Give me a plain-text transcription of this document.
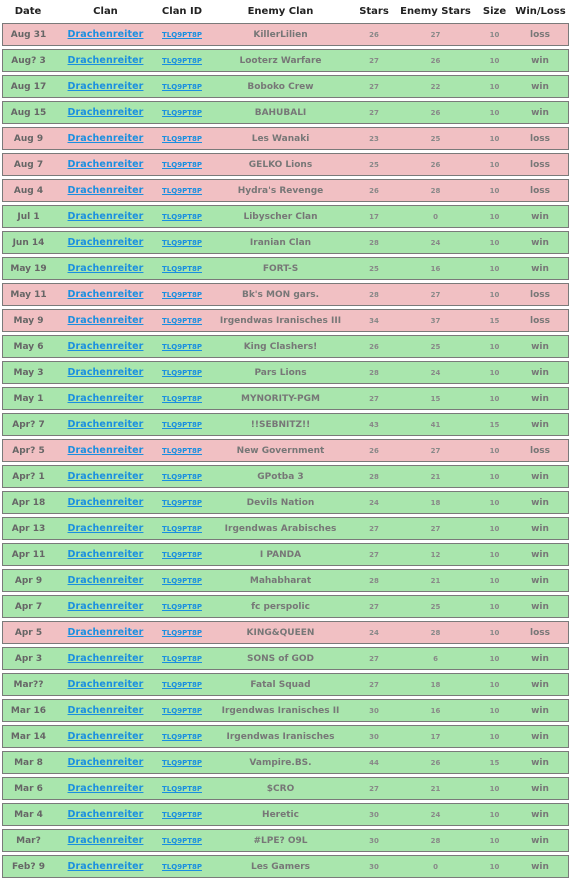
Date	Clan	Clan ID	Enemy Clan	Stars	Enemy Stars	Size	Win/Loss
Aug 31	Drachenreiter	TLQ9PT8P	KillerLilien	26	27	10	loss
Aug? 3	Drachenreiter	TLQ9PT8P	Looterz Warfare	27	26	10	win
Aug 17	Drachenreiter	TLQ9PT8P	Boboko Crew	27	22	10	win
Aug 15	Drachenreiter	TLQ9PT8P	BAHUBALI	27	26	10	win
Aug 9	Drachenreiter	TLQ9PT8P	Les Wanaki	23	25	10	loss
Aug 7	Drachenreiter	TLQ9PT8P	GELKO Lions	25	26	10	loss
Aug 4	Drachenreiter	TLQ9PT8P	Hydra's Revenge	26	28	10	loss
Jul 1	Drachenreiter	TLQ9PT8P	Libyscher Clan	17	0	10	win
Jun 14	Drachenreiter	TLQ9PT8P	Iranian Clan	28	24	10	win
May 19	Drachenreiter	TLQ9PT8P	FORT-S	25	16	10	win
May 11	Drachenreiter	TLQ9PT8P	Bk's MON gars.	28	27	10	loss
May 9	Drachenreiter	TLQ9PT8P	Irgendwas Iranisches III	34	37	15	loss
May 6	Drachenreiter	TLQ9PT8P	King Clashers!	26	25	10	win
May 3	Drachenreiter	TLQ9PT8P	Pars Lions	28	24	10	win
May 1	Drachenreiter	TLQ9PT8P	MYNORITY-PGM	27	15	10	win
Apr? 7	Drachenreiter	TLQ9PT8P	!!SEBNITZ!!	43	41	15	win
Apr? 5	Drachenreiter	TLQ9PT8P	New Government	26	27	10	loss
Apr? 1	Drachenreiter	TLQ9PT8P	GPotba 3	28	21	10	win
Apr 18	Drachenreiter	TLQ9PT8P	Devils Nation	24	18	10	win
Apr 13	Drachenreiter	TLQ9PT8P	Irgendwas Arabisches	27	27	10	win
Apr 11	Drachenreiter	TLQ9PT8P	I PANDA	27	12	10	win
Apr 9	Drachenreiter	TLQ9PT8P	Mahabharat	28	21	10	win
Apr 7	Drachenreiter	TLQ9PT8P	fc perspolic	27	25	10	win
Apr 5	Drachenreiter	TLQ9PT8P	KING&QUEEN	24	28	10	loss
Apr 3	Drachenreiter	TLQ9PT8P	SONS of GOD	27	6	10	win
Mar??	Drachenreiter	TLQ9PT8P	Fatal Squad	27	18	10	win
Mar 16	Drachenreiter	TLQ9PT8P	Irgendwas Iranisches II	30	16	10	win
Mar 14	Drachenreiter	TLQ9PT8P	Irgendwas Iranisches	30	17	10	win
Mar 8	Drachenreiter	TLQ9PT8P	Vampire.BS.	44	26	15	win
Mar 6	Drachenreiter	TLQ9PT8P	$CRO	27	21	10	win
Mar 4	Drachenreiter	TLQ9PT8P	Heretic	30	24	10	win
Mar?	Drachenreiter	TLQ9PT8P	#LPE? O9L	30	28	10	win
Feb? 9	Drachenreiter	TLQ9PT8P	Les Gamers	30	0	10	win
